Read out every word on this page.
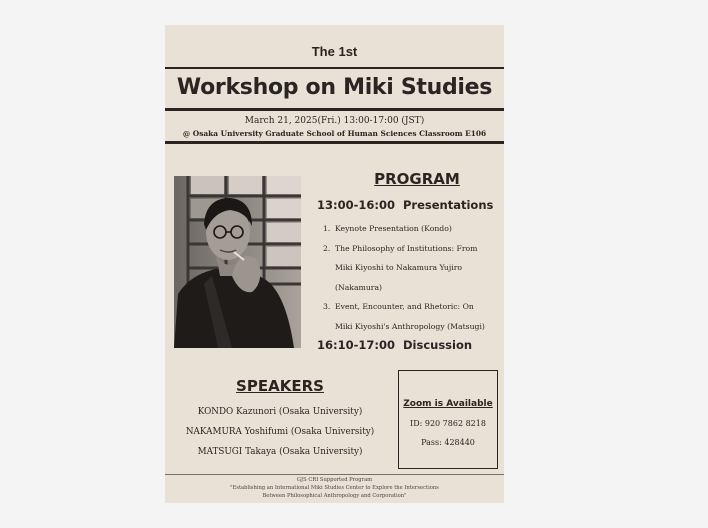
The 1st
Workshop on Miki Studies
March 21, 2025(Fri.) 13:00-17:00 (JST)
@ Osaka University Graduate School of Human Sciences Classroom E106
PROGRAM
13:00-16:00 Presentations
1. Keynote Presentation (Kondo)
2. The Philosophy of Institutions: From
Miki Kiyoshi to Nakamura Yujiro
(Nakamura)
3. Event, Encounter, and Rhetoric: On
Miki Kiyoshi's Anthropology (Matsugi)
16:10-17:00 Discussion
SPEAKERS
KONDO Kazunori (Osaka University)
NAKAMURA Yoshifumi (Osaka University)
MATSUGI Takaya (Osaka University)
Zoom is Available
ID: 920 7862 8218
Pass: 428440
GJS CRI Supported Program
"Establishing an International Miki Studies Center to Explore the Intersections
Between Philosophical Anthropology and Corporation"
